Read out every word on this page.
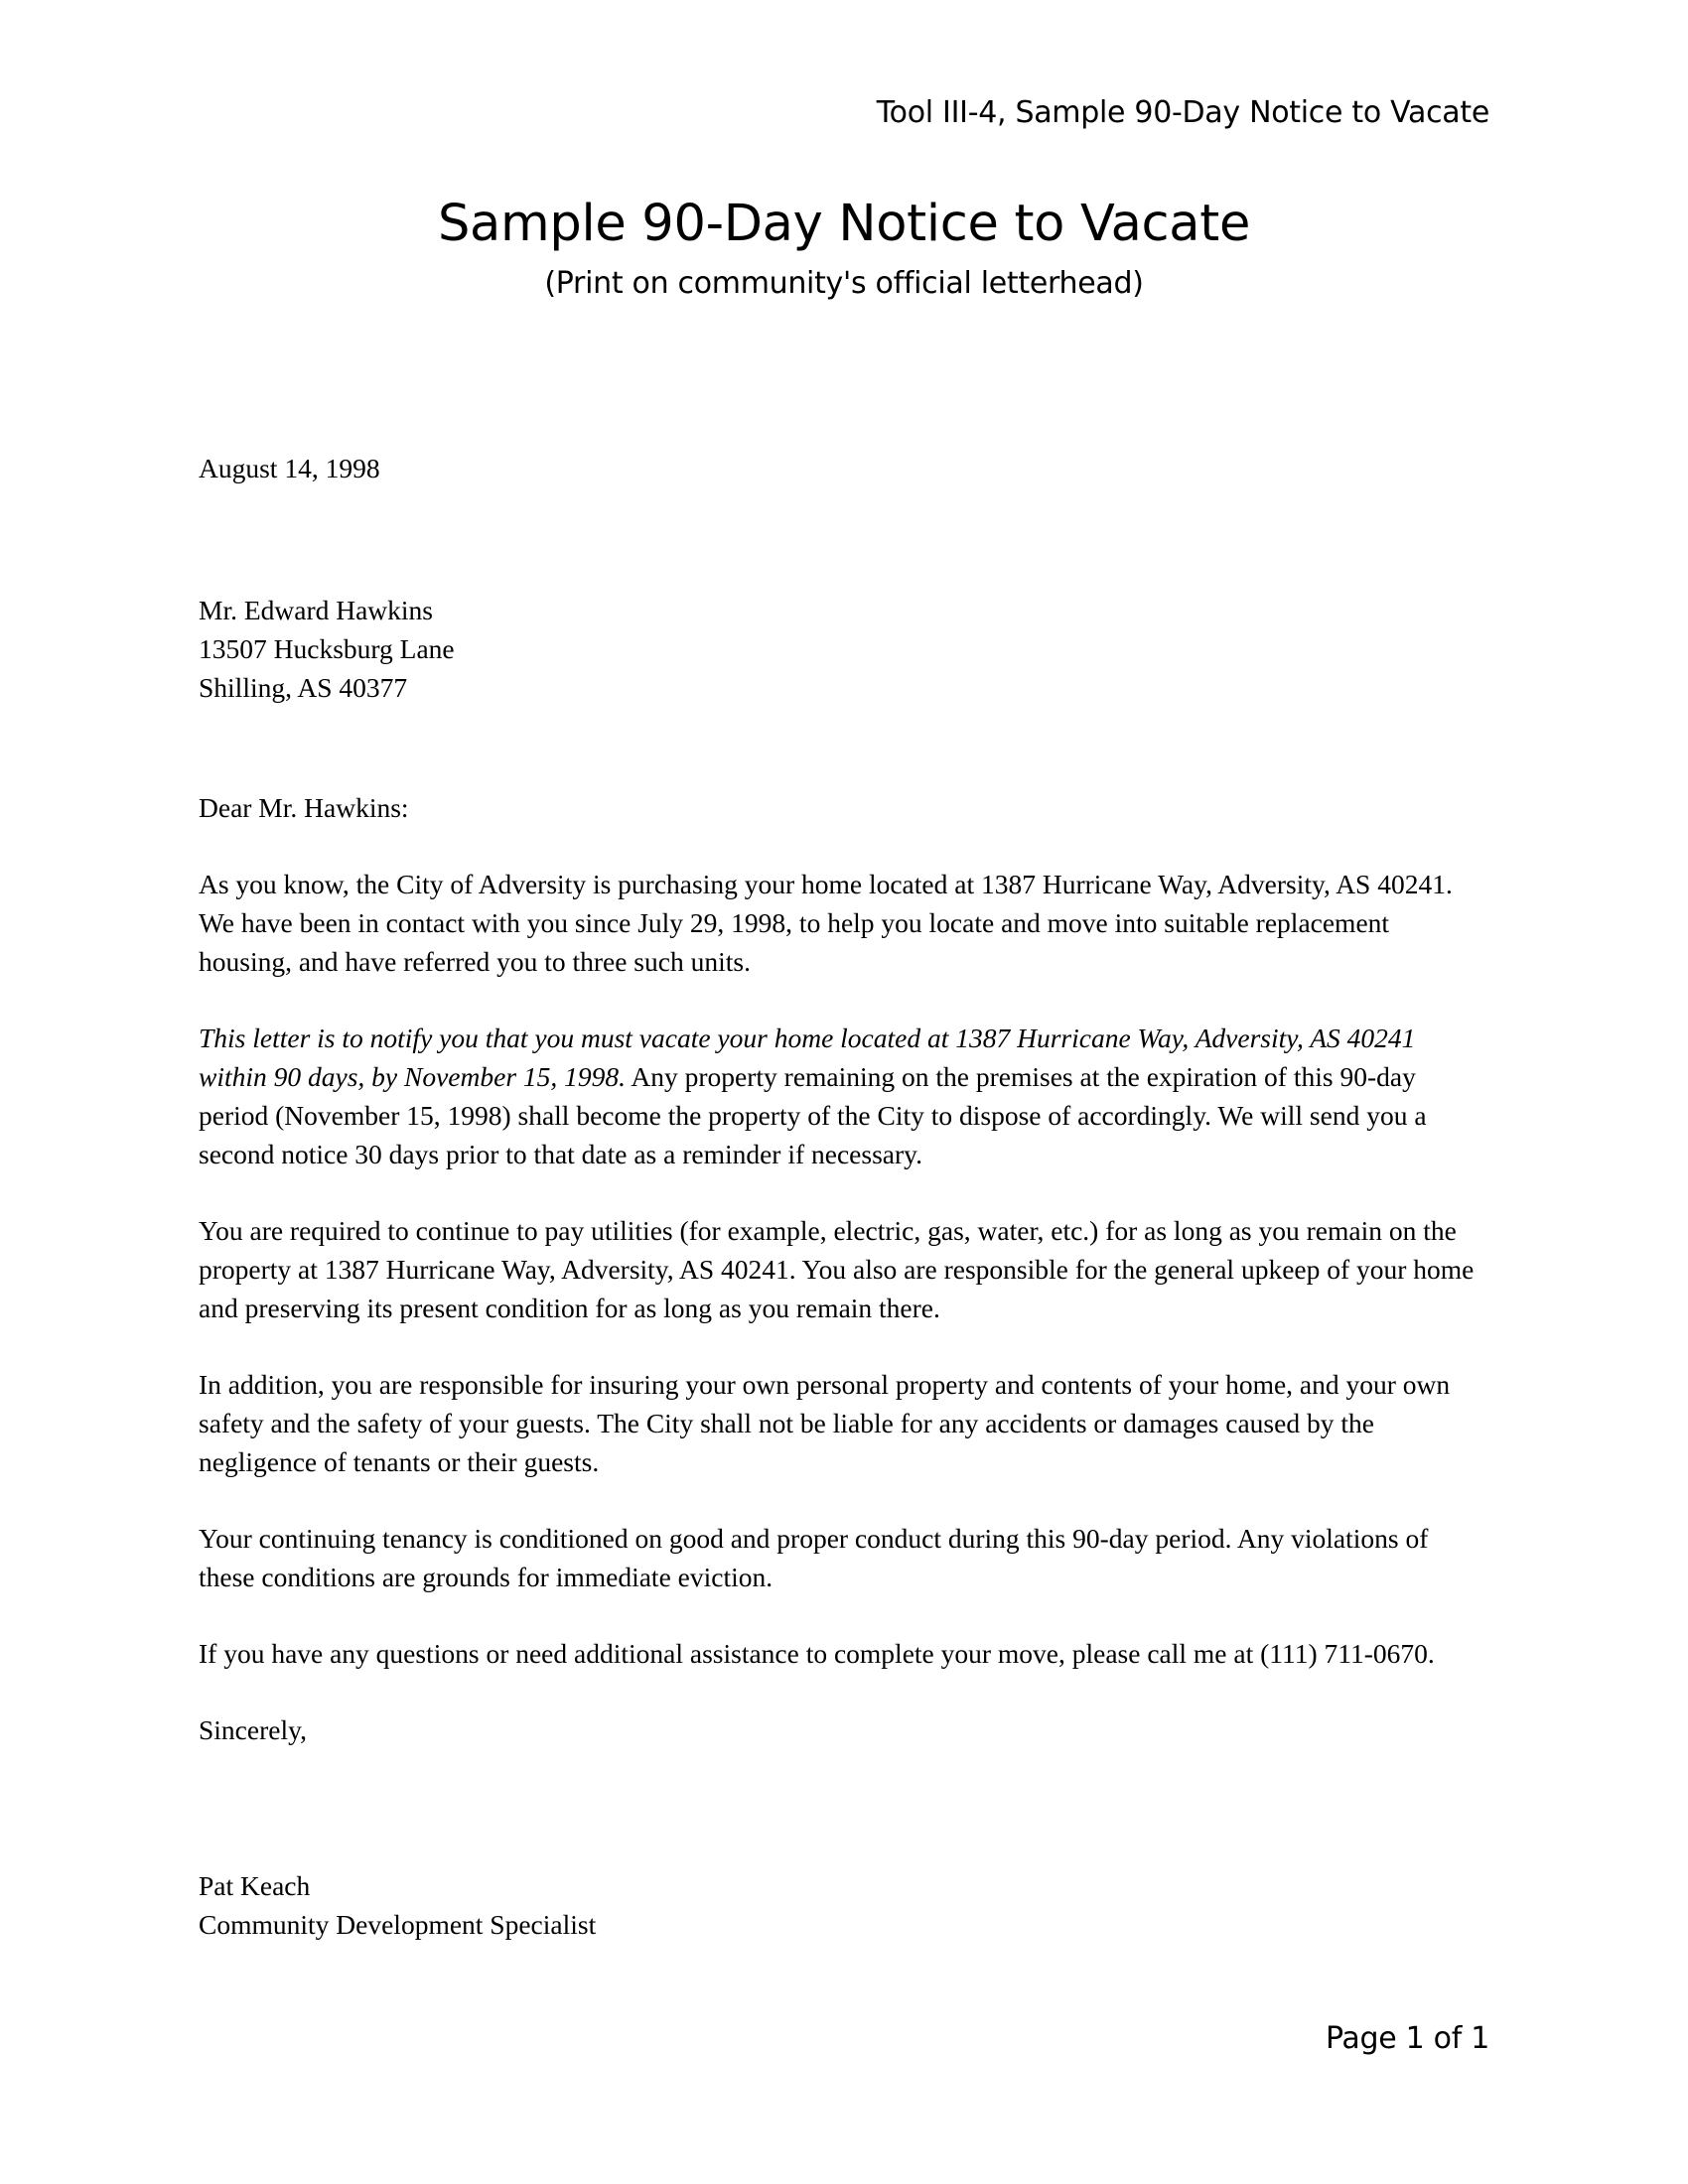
Tool III-4, Sample 90-Day Notice to Vacate
Sample 90-Day Notice to Vacate
(Print on community's official letterhead)
August 14, 1998
Mr. Edward Hawkins
13507 Hucksburg Lane
Shilling, AS 40377
Dear Mr. Hawkins:

As you know, the City of Adversity is purchasing your home located at 1387 Hurricane Way, Adversity, AS 40241. We have been in contact with you since July 29, 1998, to help you locate and move into suitable replacement housing, and have referred you to three such units.

This letter is to notify you that you must vacate your home located at 1387 Hurricane Way, Adversity, AS 40241 within 90 days, by November 15, 1998. Any property remaining on the premises at the expiration of this 90-day period (November 15, 1998) shall become the property of the City to dispose of accordingly. We will send you a second notice 30 days prior to that date as a reminder if necessary.

You are required to continue to pay utilities (for example, electric, gas, water, etc.) for as long as you remain on the property at 1387 Hurricane Way, Adversity, AS 40241. You also are responsible for the general upkeep of your home and preserving its present condition for as long as you remain there.

In addition, you are responsible for insuring your own personal property and contents of your home, and your own safety and the safety of your guests. The City shall not be liable for any accidents or damages caused by the negligence of tenants or their guests.

Your continuing tenancy is conditioned on good and proper conduct during this 90-day period. Any violations of these conditions are grounds for immediate eviction.

If you have any questions or need additional assistance to complete your move, please call me at (111) 711-0670.

Sincerely,
Pat Keach
Community Development Specialist
Page 1 of 1
